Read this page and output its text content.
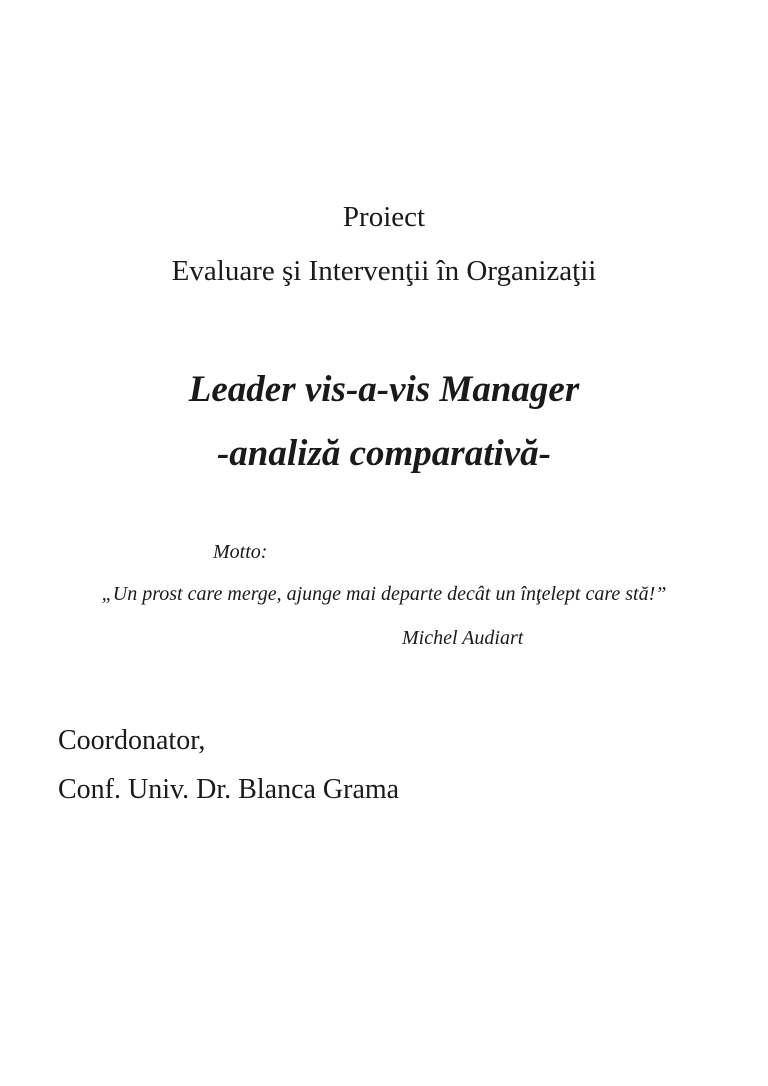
Proiect
Evaluare şi Intervenţii în Organizaţii
Leader vis-a-vis Manager
-analiză comparativă-
Motto:
„Un prost care merge, ajunge mai departe decât un înţelept care stă!”
Michel Audiart
Coordonator,
Conf. Univ. Dr. Blanca Grama
